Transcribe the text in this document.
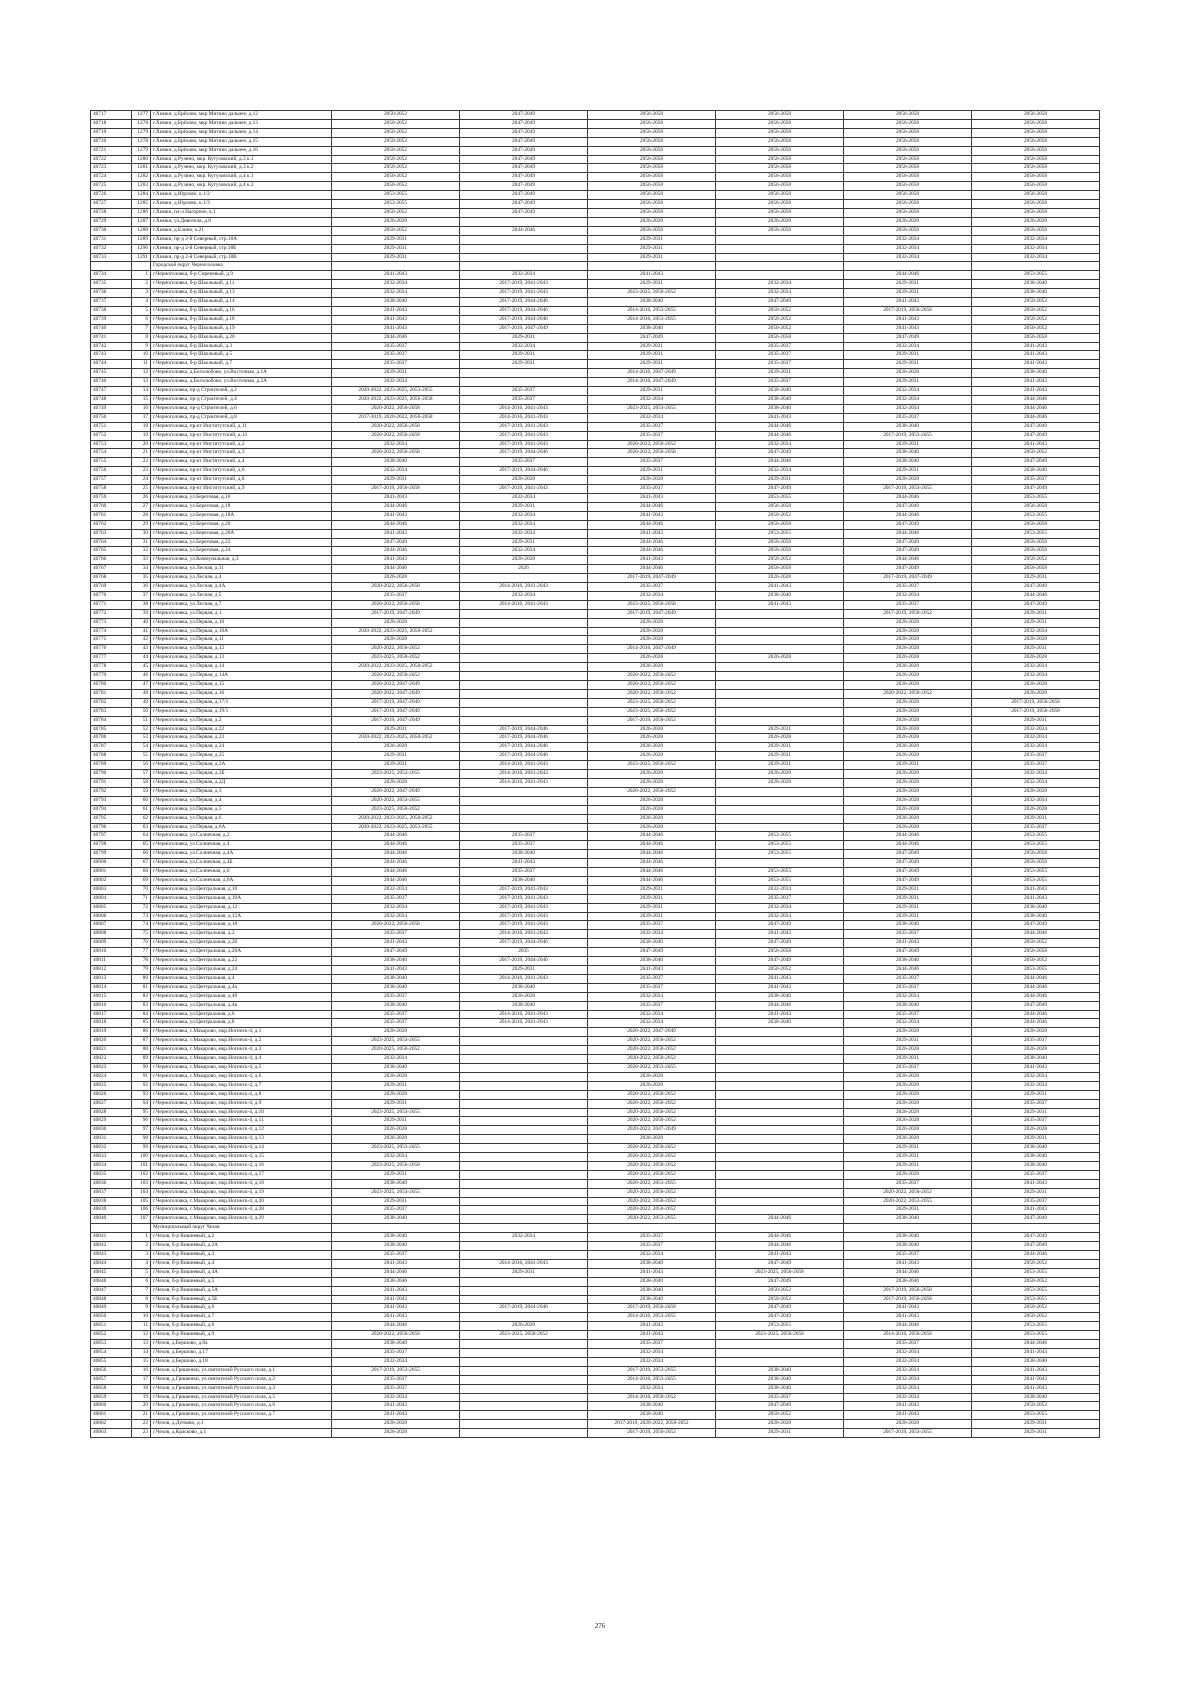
40717	1277	г.Химки, д.Брёхово, мкр Митино дальнее, д.12	2050-2052	2047-2049	2056-2058	2056-2058	2056-2058	2056-2058
40718	1278	г.Химки, д.Брёхово, мкр Митино дальнее, д.13	2050-2052	2047-2049	2056-2058	2056-2058	2056-2058	2056-2058
40719	1279	г.Химки, д.Брёхово, мкр Митино дальнее, д.14	2050-2052	2047-2049	2056-2058	2056-2058	2056-2058	2056-2058
40720	1278	г.Химки, д.Брёхово, мкр Митино дальнее, д.15	2050-2052	2047-2049	2056-2058	2056-2058	2056-2058	2056-2058
40721	1279	г.Химки, д.Брёхово, мкр Митино дальнее, д.16	2050-2052	2047-2049	2056-2058	2056-2058	2056-2058	2056-2058
40722	1280	г.Химки, д.Рузино, мкр. Кутузовский, д.3 к.1	2050-2052	2047-2049	2056-2058	2056-2058	2056-2058	2056-2058
40723	1281	г.Химки, д.Рузино, мкр. Кутузовский, д.3 к.2	2050-2052	2047-2049	2056-2058	2056-2058	2056-2058	2056-2058
40724	1282	г.Химки, д.Рузино, мкр. Кутузовский, д.4 к.1	2050-2052	2047-2049	2056-2058	2056-2058	2056-2058	2056-2058
40725	1283	г.Химки, д.Рузино, мкр. Кутузовский, д.4 к.2	2050-2052	2047-2049	2056-2058	2056-2058	2056-2058	2056-2058
40726	1284	г.Химки, д.Юрлово, к.1/2	2053-2055	2047-2049	2056-2058	2056-2058	2056-2058	2056-2058
40727	1285	г.Химки, д.Юрлово, к.1/3	2053-2055	2047-2049	2056-2058	2056-2058	2056-2058	2056-2058
40728	1286	г.Химки, пл-л Нагорное, к.1	2050-2052	2047-2049	2056-2058	2056-2058	2056-2058	2056-2058
40729	1287	г.Химки, ул.Дивотеля, д.8	2026-2028		2026-2028	2026-2028	2026-2028	2026-2028
40730	1288	г.Химки, д.Елино, к.21	2050-2052	2044-2046	2056-2058	2056-2058	2056-2058	2056-2058
40731	1289	г.Химки, пр-д 2-й Северный, стр.18А	2029-2031		2029-2031		2032-2034	2032-2034
40732	1290	г.Химки, пр-д 2-й Северный, стр.18Б	2029-2031		2029-2031		2032-2034	2032-2034
40733	1291	г.Химки, пр-д 2-й Северный, стр.18В	2029-2031		2029-2031		2032-2034	2032-2034
		Городской округ Черноголовка						
40734	1	г.Черноголовка, б-р Сиреневый, д.9	2041-2043	2032-2034	2041-2043		2044-2046	2053-2055
40735	2	г.Черноголовка, б-р Школьный, д.11	2032-2034	2017-2019, 2041-2043	2029-2031	2032-2034	2029-2031	2038-2040
40736	3	г.Черноголовка, б-р Школьный, д.13	2032-2034	2017-2019, 2041-2043	2023-2025, 2050-2052	2032-2034	2029-2031	2038-2040
40737	4	г.Черноголовка, б-р Школьный, д.14	2038-2040	2017-2019, 2044-2046	2038-2040	2047-2049	2041-2043	2050-2052
40738	5	г.Черноголовка, б-р Школьный, д.16	2041-2043	2017-2019, 2044-2046	2014-2016, 2053-2055	2050-2052	2017-2019, 2056-2058	2050-2052
40739	6	г.Черноголовка, б-р Школьный, д.18	2041-2043	2017-2019, 2044-2046	2014-2016, 2053-2055	2050-2052	2041-2043	2050-2052
40740	7	г.Черноголовка, б-р Школьный, д.19	2041-2043	2017-2019, 2047-2049	2038-2040	2050-2052	2041-2043	2050-2052
40741	8	г.Черноголовка, б-р Школьный, д.20	2044-2046	2029-2031	2047-2049	2056-2058	2047-2049	2056-2058
40742	9	г.Черноголовка, б-р Школьный, д.3	2035-2037	2032-2034	2029-2031	2035-2037	2032-2034	2041-2043
40743	10	г.Черноголовка, б-р Школьный, д.5	2035-2037	2029-2031	2029-2031	2035-2037	2029-2031	2041-2043
40744	11	г.Черноголовка, б-р Школьный, д.7	2035-2037	2029-2031	2029-2031	2035-2037	2029-2031	2041-2043
40745	12	г.Черноголовка, д.Боголюбово, ул.Восточная, д.1А	2029-2031		2014-2016, 2047-2049	2029-2031	2026-2028	2038-2040
40746	13	г.Черноголовка, д.Боголюбово, ул.Восточная, д.2А	2032-2034		2014-2016, 2047-2049	2035-2037	2029-2031	2041-2043
40747	14	г.Черноголовка, пр-д Строителей, д.2	2020-2022, 2023-2025, 2053-2055	2035-2037	2029-2031	2038-2040	2032-2034	2041-2043
40748	15	г.Черноголовка, пр-д Строителей, д.4	2020-2022, 2023-2025, 2056-2058	2035-2037	2032-2034	2038-2040	2032-2034	2044-2046
40749	16	г.Черноголовка, пр-д Строителей, д.6	2020-2022, 2056-2058	2014-2016, 2041-2043	2023-2025, 2053-2055	2038-2040	2032-2034	2044-2046
40750	17	г.Черноголовка, пр-д Строителей, д.8	2017-2019, 2020-2022, 2056-2058	2014-2016, 2041-2043	2032-2034	2041-2043	2035-2037	2044-2046
40751	18	г.Черноголовка, пр-кт Институтский, д.11	2020-2022, 2056-2058	2017-2019, 2041-2043	2035-2037	2044-2046	2038-2040	2047-2049
40752	19	г.Черноголовка, пр-кт Институтский, д.13	2020-2022, 2056-2058	2017-2019, 2041-2043	2035-2037	2044-2046	2017-2019, 2053-2055	2047-2049
40753	20	г.Черноголовка, пр-кт Институтский, д.2	2032-2034	2017-2019, 2041-2043	2020-2022, 2050-2052	2032-2034	2029-2031	2041-2043
40754	21	г.Черноголовка, пр-кт Институтский, д.3	2020-2022, 2056-2058	2017-2019, 2044-2046	2020-2022, 2056-2058	2047-2049	2038-2040	2050-2052
40755	22	г.Черноголовка, пр-кт Институтский, д.4	2038-2040	2035-2037	2035-2037	2044-2046	2038-2040	2047-2049
40756	23	г.Черноголовка, пр-кт Институтский, д.6	2032-2034	2017-2019, 2044-2046	2029-2031	2032-2034	2029-2031	2038-2040
40757	24	г.Черноголовка, пр-кт Институтский, д.8	2029-2031	2026-2028	2026-2028	2029-2031	2026-2028	2035-2037
40758	25	г.Черноголовка, пр-кт Институтский, д.9	2017-2019, 2056-2058	2017-2019, 2041-2043	2035-2037	2047-2049	2017-2019, 2053-2055	2047-2049
40759	26	г.Черноголовка, ул.Береговая, д.16	2041-2043	2032-2034	2041-2043	2053-2055	2044-2046	2053-2055
40760	27	г.Черноголовка, ул.Береговая, д.18	2044-2046	2029-2031	2044-2046	2056-2058	2047-2049	2056-2058
40761	28	г.Черноголовка, ул.Береговая, д.18А	2041-2043	2032-2034	2041-2043	2050-2052	2044-2046	2053-2055
40762	29	г.Черноголовка, ул.Береговая, д.20	2044-2046	2032-2034	2044-2046	2056-2058	2047-2049	2056-2058
40763	30	г.Черноголовка, ул.Береговая, д.20А	2041-2043	2032-2034	2041-2043	2053-2055	2044-2046	2053-2055
40764	31	г.Черноголовка, ул.Береговая, д.22	2047-2049	2029-2031	2044-2046	2056-2058	2047-2049	2056-2058
40765	32	г.Черноголовка, ул.Береговая, д.24	2044-2046	2032-2034	2044-2046	2056-2058	2047-2049	2056-2058
40766	33	г.Черноголовка, ул.Коммунальная, д.3	2041-2043	2026-2028	2041-2043	2050-2052	2044-2046	2050-2052
40767	34	г.Черноголовка, ул.Лесная, д.11	2044-2046	2026	2044-2046	2056-2058	2047-2049	2056-2058
40768	35	г.Черноголовка, ул.Лесная, д.4	2026-2028		2017-2019, 2047-2049	2026-2028	2017-2019, 2047-2049	2029-2031
40769	36	г.Черноголовка, ул.Лесная, д.4А	2020-2022, 2056-2058	2014-2016, 2041-2043	2035-2037	2041-2043	2035-2037	2047-2049
40770	37	г.Черноголовка, ул.Лесная, д.5	2035-2037	2032-2034	2032-2034	2038-2040	2032-2034	2044-2046
40771	38	г.Черноголовка, ул.Лесная, д.7	2020-2022, 2056-2058	2014-2016, 2041-2043	2023-2025, 2056-2058	2041-2043	2035-2037	2047-2049
40772	39	г.Черноголовка, ул.Первая, д.1	2017-2019, 2047-2049		2017-2019, 2047-2049		2017-2019, 2050-2052	2029-2031
40773	40	г.Черноголовка, ул.Первая, д.10	2026-2028		2026-2028		2026-2028	2029-2031
40774	41	г.Черноголовка, ул.Первая, д.10А	2020-2022, 2023-2025, 2050-2052		2026-2028		2026-2028	2032-2034
40775	42	г.Черноголовка, ул.Первая, д.11	2026-2028		2026-2028		2026-2028	2026-2028
40776	43	г.Черноголовка, ул.Первая, д.12	2020-2022, 2050-2052		2014-2016, 2047-2049		2026-2028	2029-2031
40777	44	г.Черноголовка, ул.Первая, д.13	2023-2025, 2050-2052		2026-2028	2026-2028	2026-2028	2026-2028
40778	45	г.Черноголовка, ул.Первая, д.14	2020-2022, 2023-2025, 2050-2052		2026-2028		2026-2028	2032-2034
40779	46	г.Черноголовка, ул.Первая, д.14А	2020-2022, 2050-2052		2020-2022, 2050-2052		2026-2028	2032-2034
40780	47	г.Черноголовка, ул.Первая, д.15	2020-2022, 2047-2049		2020-2022, 2050-2052		2026-2028	2026-2028
40781	48	г.Черноголовка, ул.Первая, д.16	2020-2022, 2047-2049		2020-2022, 2050-2052		2020-2022, 2050-2052	2026-2028
40782	49	г.Черноголовка, ул.Первая, д.17/1	2017-2019, 2047-2049		2023-2025, 2050-2052		2026-2028	2017-2019, 2056-2058
40783	50	г.Черноголовка, ул.Первая, д.19/1	2017-2019, 2047-2049		2023-2025, 2050-2052		2026-2028	2017-2019, 2056-2058
40784	51	г.Черноголовка, ул.Первая, д.2	2017-2019, 2047-2049		2017-2019, 2050-2052		2026-2028	2029-2031
40785	52	г.Черноголовка, ул.Первая, д.22	2029-2031	2017-2019, 2044-2046	2026-2028	2029-2031	2026-2028	2032-2034
40786	53	г.Черноголовка, ул.Первая, д.23	2020-2022, 2023-2025, 2050-2052	2017-2019, 2044-2046	2026-2028	2026-2028	2026-2028	2032-2034
40787	54	г.Черноголовка, ул.Первая, д.24	2026-2028	2017-2019, 2044-2046	2026-2028	2029-2031	2026-2028	2032-2034
40788	55	г.Черноголовка, ул.Первая, д.25	2029-2031	2017-2019, 2044-2046	2026-2028	2029-2031	2026-2028	2035-2037
40789	56	г.Черноголовка, ул.Первая, д.2А	2029-2031	2014-2016, 2041-2043	2023-2025, 2050-2052	2029-2031	2029-2031	2035-2037
40790	57	г.Черноголовка, ул.Первая, д.2Б	2023-2025, 2053-2055	2014-2016, 2041-2043	2026-2028	2026-2028	2026-2028	2032-2034
40791	58	г.Черноголовка, ул.Первая, д.2Д	2026-2028	2014-2016, 2041-2043	2026-2028	2026-2028	2026-2028	2032-2034
40792	59	г.Черноголовка, ул.Первая, д.3	2020-2022, 2047-2049		2020-2022, 2050-2052		2026-2028	2026-2028
40793	60	г.Черноголовка, ул.Первая, д.4	2020-2022, 2053-2055		2026-2028		2026-2028	2032-2034
40794	61	г.Черноголовка, ул.Первая, д.5	2023-2025, 2050-2052		2026-2028		2026-2028	2026-2028
40795	62	г.Черноголовка, ул.Первая, д.6	2020-2022, 2023-2025, 2050-2052		2026-2028		2026-2028	2029-2031
40796	63	г.Черноголовка, ул.Первая, д.6А	2020-2022, 2023-2025, 2053-2055		2026-2028		2026-2028	2035-2037
40797	64	г.Черноголовка, ул.Солнечная, д.2	2044-2046	2035-2037	2044-2046	2053-2055	2044-2046	2053-2055
40798	65	г.Черноголовка, ул.Солнечная, д.4	2044-2046	2035-2037	2044-2046	2053-2055	2044-2046	2053-2055
40799	66	г.Черноголовка, ул.Солнечная, д.4А	2044-2046	2038-2040	2044-2046	2053-2055	2047-2049	2056-2058
40800	67	г.Черноголовка, ул.Солнечная, д.4Б	2044-2046	2041-2043	2044-2046		2047-2049	2056-2058
40801	68	г.Черноголовка, ул.Солнечная, д.6	2044-2046	2035-2037	2044-2046	2053-2055	2047-2049	2053-2055
40802	69	г.Черноголовка, ул.Солнечная, д.6А	2044-2046	2038-2040	2044-2046	2053-2055	2047-2049	2053-2055
40803	70	г.Черноголовка, ул.Центральная, д.10	2032-2034	2017-2019, 2041-2043	2029-2031	2032-2034	2029-2031	2041-2043
40804	71	г.Черноголовка, ул.Центральная, д.10А	2035-2037	2017-2019, 2041-2043	2029-2031	2035-2037	2029-2031	2041-2043
40805	72	г.Черноголовка, ул.Центральная, д.12	2032-2034	2017-2019, 2041-2043	2029-2031	2032-2034	2029-2031	2038-2040
40806	73	г.Черноголовка, ул.Центральная, д.12А	2032-2034	2017-2019, 2041-2043	2029-2031	2032-2034	2029-2031	2038-2040
40807	74	г.Черноголовка, ул.Центральная, д.18	2020-2022, 2056-2058	2017-2019, 2041-2043	2035-2037	2047-2049	2038-2040	2047-2049
40808	75	г.Черноголовка, ул.Центральная, д.2	2035-2037	2014-2016, 2041-2043	2032-2034	2041-2043	2035-2037	2044-2046
40809	76	г.Черноголовка, ул.Центральная, д.20	2041-2043	2017-2019, 2044-2046	2038-2040	2047-2049	2041-2043	2050-2052
40810	77	г.Черноголовка, ул.Центральная, д.20А	2047-2049	2035	2047-2049	2056-2058	2047-2049	2056-2058
40811	78	г.Черноголовка, ул.Центральная, д.22	2038-2040	2017-2019, 2044-2046	2038-2040	2047-2049	2038-2040	2050-2052
40812	79	г.Черноголовка, ул.Центральная, д.24	2041-2043	2029-2031	2041-2043	2050-2052	2044-2046	2053-2055
40813	80	г.Черноголовка, ул.Центральная, д.4	2038-2040	2014-2016, 2041-2043	2035-2037	2041-2043	2035-2037	2044-2046
40814	81	г.Черноголовка, ул.Центральная, д.4а	2038-2040	2038-2040	2035-2037	2041-2043	2035-2037	2044-2046
40815	82	г.Черноголовка, ул.Центральная, д.4б	2035-2037	2026-2028	2032-2034	2038-2040	2032-2034	2044-2046
40816	83	г.Черноголовка, ул.Центральная, д.4в	2038-2040	2038-2040	2035-2037	2044-2046	2038-2040	2047-2049
40817	84	г.Черноголовка, ул.Центральная, д.6	2035-2037	2014-2016, 2041-2043	2032-2034	2041-2043	2035-2037	2044-2046
40818	85	г.Черноголовка, ул.Центральная, д.8	2035-2037	2014-2016, 2041-2043	2032-2034	2038-2040	2032-2034	2044-2046
40819	86	г.Черноголовка, с.Макарово, мкр.Ногинск-4, д.1	2026-2028		2020-2022, 2047-2049		2026-2028	2026-2028
40820	87	г.Черноголовка, с.Макарово, мкр.Ногинск-4, д.2	2023-2025, 2053-2055		2020-2022, 2050-2052		2029-2031	2035-2037
40821	88	г.Черноголовка, с.Макарово, мкр.Ногинск-4, д.3	2020-2025, 2050-2052		2020-2022, 2050-2052		2026-2028	2026-2028
40822	89	г.Черноголовка, с.Макарово, мкр.Ногинск-4, д.4	2032-2034		2020-2022, 2050-2052		2029-2031	2038-2040
40823	90	г.Черноголовка, с.Макарово, мкр.Ногинск-4, д.5	2038-2040		2020-2022, 2053-2055		2035-2037	2041-2043
40824	91	г.Черноголовка, с.Макарово, мкр.Ногинск-4, д.6	2026-2028		2026-2028		2026-2028	2032-2034
40825	92	г.Черноголовка, с.Макарово, мкр.Ногинск-4, д.7	2029-2031		2026-2028		2026-2028	2032-2034
40826	93	г.Черноголовка, с.Макарово, мкр.Ногинск-4, д.8	2026-2028		2020-2022, 2050-2052		2026-2028	2029-2031
40827	94	г.Черноголовка, с.Макарово, мкр.Ногинск-4, д.9	2029-2031		2020-2022, 2050-2052		2026-2028	2035-2037
40828	95	г.Черноголовка, с.Макарово, мкр.Ногинск-4, д.10	2023-2025, 2053-2055		2020-2022, 2050-2052		2026-2028	2029-2031
40829	96	г.Черноголовка, с.Макарово, мкр.Ногинск-4, д.11	2029-2031		2020-2022, 2050-2052		2026-2028	2035-2037
40830	97	г.Черноголовка, с.Макарово, мкр.Ногинск-4, д.12	2026-2028		2020-2022, 2047-2049		2026-2028	2026-2028
40831	98	г.Черноголовка, с.Макарово, мкр.Ногинск-4, д.13	2026-2028		2026-2028		2026-2028	2029-2031
40832	99	г.Черноголовка, с.Макарово, мкр.Ногинск-4, д.14	2023-2025, 2053-2055		2020-2022, 2050-2052		2029-2031	2038-2040
40833	100	г.Черноголовка, с.Макарово, мкр.Ногинск-4, д.15	2032-2034		2020-2022, 2050-2052		2029-2031	2038-2040
40834	101	г.Черноголовка, с.Макарово, мкр.Ногинск-4, д.16	2023-2025, 2056-2058		2020-2022, 2050-2052		2029-2031	2038-2040
40835	102	г.Черноголовка, с.Макарово, мкр.Ногинск-4, д.17	2029-2031		2020-2022, 2050-2052		2026-2028	2035-2037
40836	103	г.Черноголовка, с.Макарово, мкр.Ногинск-4, д.18	2038-2040		2020-2022, 2053-2055		2035-2037	2041-2043
40837	104	г.Черноголовка, с.Макарово, мкр.Ногинск-4, д.19	2023-2025, 2053-2055		2020-2022, 2050-2052		2020-2022, 2050-2052	2029-2031
40838	105	г.Черноголовка, с.Макарово, мкр.Ногинск-4, д.20	2029-2031		2020-2022, 2050-2052		2020-2022, 2053-2055	2035-2037
40839	106	г.Черноголовка, с.Макарово, мкр.Ногинск-4, д.28	2035-2037		2020-2022, 2050-2052		2029-2031	2041-2043
40840	107	г.Черноголовка, с.Макарово, мкр.Ногинск-4, д.29	2038-2040		2020-2022, 2053-2055	2044-2046	2038-2040	2047-2049
		Муниципальный округ Чехов						
40841	1	г.Чехов, б-р Вишневый, д.2	2038-2040	2032-2034	2035-2037	2044-2046	2038-2040	2047-2049
40842	2	г.Чехов, б-р Вишневый, д.2А	2038-2040		2035-2037	2044-2046	2038-2040	2047-2049
40843	3	г.Чехов, б-р Вишневый, д.3	2035-2037		2032-2034	2041-2043	2035-2037	2044-2046
40844	4	г.Чехов, б-р Вишневый, д.4	2041-2043	2014-2016, 2041-2043	2038-2040	2047-2049	2041-2043	2050-2052
40845	5	г.Чехов, б-р Вишневый, д.4А	2044-2046	2029-2031	2041-2043	2023-2025, 2056-2058	2044-2046	2053-2055
40846	6	г.Чехов, б-р Вишневый, д.5	2038-2040		2038-2040	2047-2049	2038-2040	2050-2052
40847	7	г.Чехов, б-р Вишневый, д.5А	2041-2043		2038-2040	2050-2052	2017-2019, 2056-2058	2053-2055
40848	8	г.Чехов, б-р Вишневый, д.5Б	2041-2043		2038-2040	2050-2052	2017-2019, 2056-2058	2053-2055
40849	9	г.Чехов, б-р Вишневый, д.6	2041-2043	2017-2019, 2044-2046	2017-2019, 2056-2058	2047-2049	2041-2043	2050-2052
40850	10	г.Чехов, б-р Вишневый, д.7	2041-2043		2014-2016, 2053-2055	2047-2049	2041-2043	2050-2052
40851	11	г.Чехов, б-р Вишневый, д.8	2044-2046	2026-2028	2041-2043	2053-2055	2044-2046	2053-2055
40852	12	г.Чехов, б-р Вишневый, д.9	2020-2022, 2056-2058	2023-2025, 2050-2052	2041-2043	2023-2025, 2056-2058	2014-2016, 2056-2058	2053-2055
40853	13	г.Чехов, д.Бершово, д.8а	2038-2040		2035-2037		2035-2037	2044-2046
40854	14	г.Чехов, д.Бершово, д.17	2035-2037		2032-2034		2032-2034	2041-2043
40855	15	г.Чехов, д.Бершово, д.18	2032-2034		2032-2034		2032-2034	2038-2040
40856	16	г.Чехов, д.Гришенки, ул.святителей Русского поля, д.1	2017-2019, 2053-2055		2017-2019, 2053-2055	2038-2040	2032-2034	2041-2043
40857	17	г.Чехов, д.Гришенки, ул.святителей Русского поля, д.2	2035-2037		2014-2016, 2053-2055	2038-2040	2032-2034	2041-2043
40858	18	г.Чехов, д.Гришенки, ул.святителей Русского поля, д.3	2035-2037		2032-2034	2038-2040	2032-2034	2041-2043
40859	19	г.Чехов, д.Гришенки, ул.святителей Русского поля, д.5	2032-2034		2014-2016, 2050-2052	2035-2037	2032-2034	2038-2040
40860	20	г.Чехов, д.Гришенки, ул.святителей Русского поля, д.6	2041-2043		2038-2040	2047-2049	2041-2043	2050-2052
40861	21	г.Чехов, д.Гришенки, ул.святителей Русского поля, д.7	2041-2043		2038-2040	2050-2052	2041-2043	2053-2055
40862	22	г.Чехов, д.Детково, д.1	2026-2028		2017-2019, 2020-2022, 2050-2052	2026-2028	2026-2028	2029-2031
40863	23	г.Чехов, д.Красково, д.1	2026-2028		2017-2019, 2050-2052	2029-2031	2017-2019, 2053-2055	2029-2031
276
